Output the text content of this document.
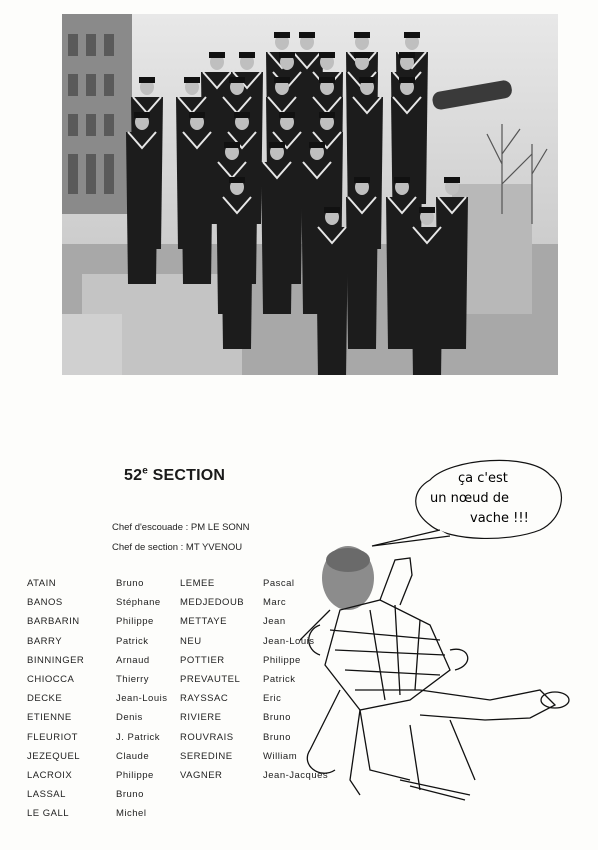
52e SECTION
Chef d'escouade : PM LE SONN
Chef de section : MT YVENOU
ATAIN	Bruno
BANOS	Stéphane
BARBARIN	Philippe
BARRY	Patrick
BINNINGER	Arnaud
CHIOCCA	Thierry
DECKE	Jean-Louis
ETIENNE	Denis
FLEURIOT	J. Patrick
JEZEQUEL	Claude
LACROIX	Philippe
LASSAL	Bruno
LE GALL	Michel
LEMEE	Pascal
MEDJEDOUB Marc
METTAYE	Jean
NEU	Jean-Louis
POTTIER	Philippe
PREVAUTEL Patrick
RAYSSAC	Eric
RIVIERE	Bruno
ROUVRAIS	Bruno
SEREDINE	William
VAGNER	Jean-Jacques
ça c'est
un nœud de
vache !!!
